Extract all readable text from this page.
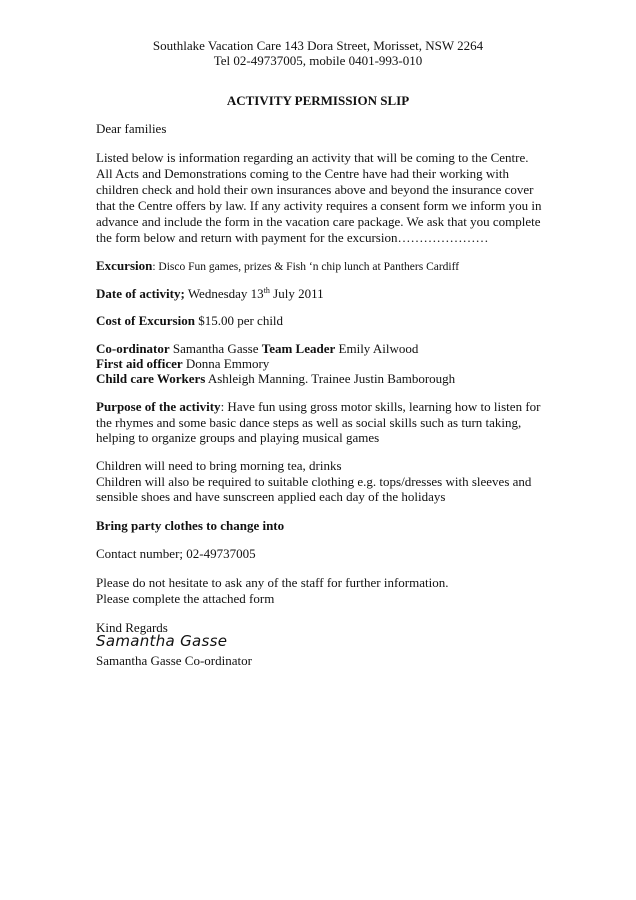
Southlake Vacation Care 143 Dora Street, Morisset, NSW 2264

Tel 02-49737005, mobile 0401-993-010

ACTIVITY PERMISSION SLIP

Dear families

Listed below is information regarding an activity that will be coming to the Centre.

All Acts and Demonstrations coming to the Centre have had their working with

children check and hold their own insurances above and beyond the insurance cover

that the Centre offers by law. If any activity requires a consent form we inform you in

advance and include the form in the vacation care package. We ask that you complete

the form below and return with payment for the excursion…………………

Excursion: Disco Fun games, prizes & Fish ‘n chip lunch at Panthers Cardiff

Date of activity; Wednesday 13th July 2011

Cost of Excursion $15.00 per child

Co-ordinator Samantha Gasse Team Leader Emily Ailwood

First aid officer Donna Emmory

Child care Workers Ashleigh Manning. Trainee Justin Bamborough

Purpose of the activity: Have fun using gross motor skills, learning how to listen for

the rhymes and some basic dance steps as well as social skills such as turn taking,

helping to organize groups and playing musical games

Children will need to bring morning tea, drinks

Children will also be required to suitable clothing e.g. tops/dresses with sleeves and

sensible shoes and have sunscreen applied each day of the holidays

Bring party clothes to change into

Contact number; 02-49737005

Please do not hesitate to ask any of the staff for further information.

Please complete the attached form

Kind Regards

Samantha Gasse

Samantha Gasse Co-ordinator
